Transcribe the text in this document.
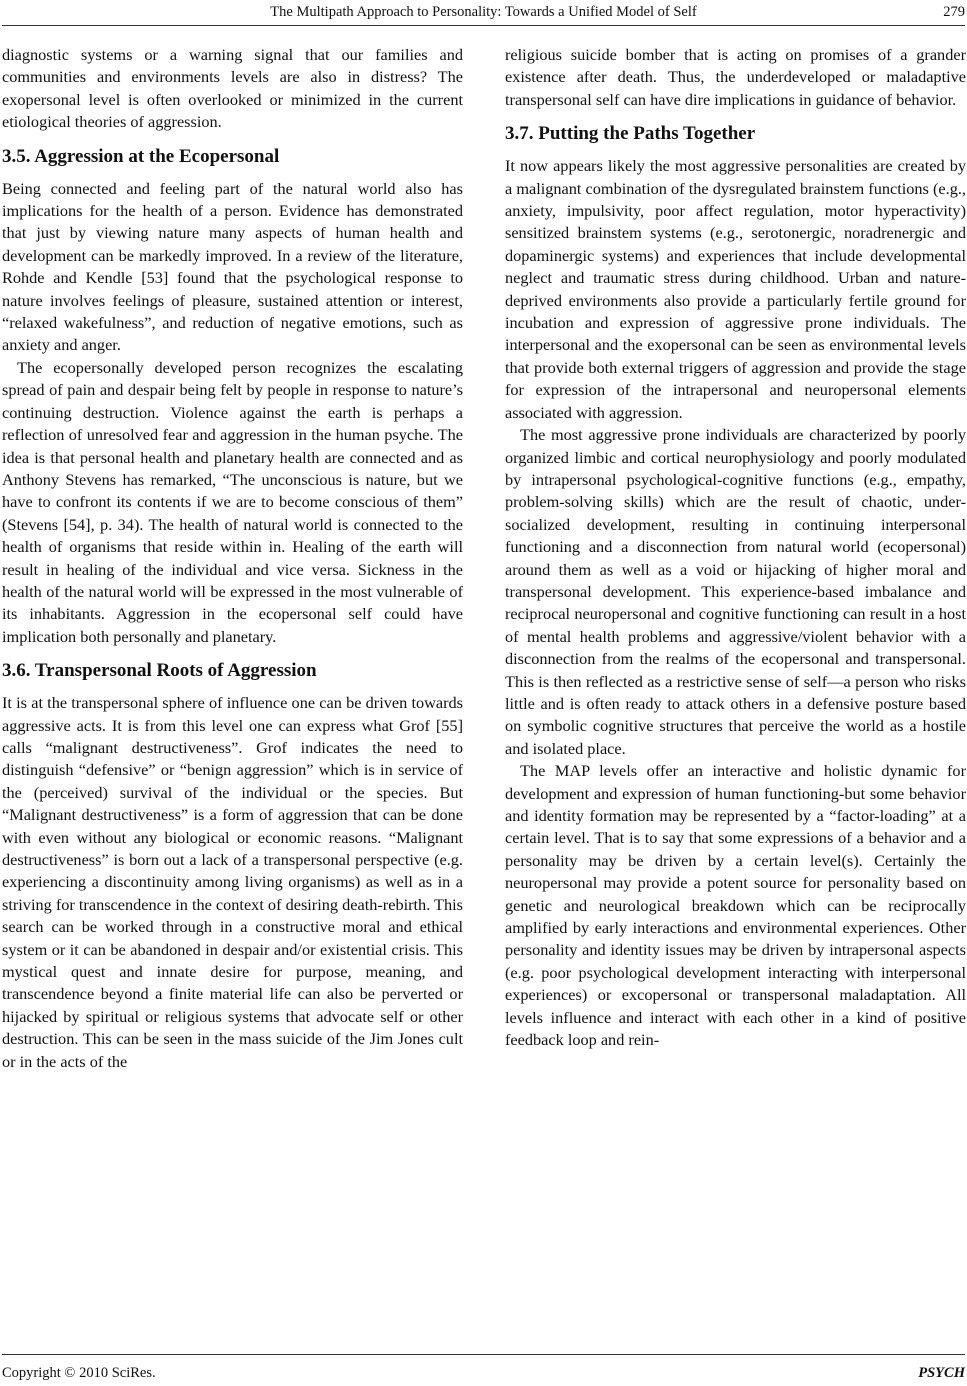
The Multipath Approach to Personality: Towards a Unified Model of Self	279

diagnostic systems or a warning signal that our families and communities and environments levels are also in distress? The exopersonal level is often overlooked or minimized in the current etiological theories of aggression.

3.5. Aggression at the Ecopersonal

Being connected and feeling part of the natural world also has implications for the health of a person. Evidence has demonstrated that just by viewing nature many aspects of human health and development can be markedly improved. In a review of the literature, Rohde and Kendle [53] found that the psychological response to nature involves feelings of pleasure, sustained attention or interest, “relaxed wakefulness”, and reduction of negative emotions, such as anxiety and anger.

The ecopersonally developed person recognizes the escalating spread of pain and despair being felt by people in response to nature’s continuing destruction. Violence against the earth is perhaps a reflection of unresolved fear and aggression in the human psyche. The idea is that personal health and planetary health are connected and as Anthony Stevens has remarked, “The unconscious is nature, but we have to confront its contents if we are to become conscious of them” (Stevens [54], p. 34). The health of natural world is connected to the health of organisms that reside within in. Healing of the earth will result in healing of the individual and vice versa. Sickness in the health of the natural world will be expressed in the most vulnerable of its inhabitants. Aggression in the ecopersonal self could have implication both personally and planetary.

3.6. Transpersonal Roots of Aggression

It is at the transpersonal sphere of influence one can be driven towards aggressive acts. It is from this level one can express what Grof [55] calls “malignant destructiveness”. Grof indicates the need to distinguish “defensive” or “benign aggression” which is in service of the (perceived) survival of the individual or the species. But “Malignant destructiveness” is a form of aggression that can be done with even without any biological or economic reasons. “Malignant destructiveness” is born out a lack of a transpersonal perspective (e.g. experiencing a discontinuity among living organisms) as well as in a striving for transcendence in the context of desiring death-rebirth. This search can be worked through in a constructive moral and ethical system or it can be abandoned in despair and/or existential crisis. This mystical quest and innate desire for purpose, meaning, and transcendence beyond a finite material life can also be perverted or hijacked by spiritual or religious systems that advocate self or other destruction. This can be seen in the mass suicide of the Jim Jones cult or in the acts of the

religious suicide bomber that is acting on promises of a grander existence after death. Thus, the underdeveloped or maladaptive transpersonal self can have dire implications in guidance of behavior.

3.7. Putting the Paths Together

It now appears likely the most aggressive personalities are created by a malignant combination of the dysregulated brainstem functions (e.g., anxiety, impulsivity, poor affect regulation, motor hyperactivity) sensitized brainstem systems (e.g., serotonergic, noradrenergic and dopaminergic systems) and experiences that include developmental neglect and traumatic stress during childhood. Urban and nature-deprived environments also provide a particularly fertile ground for incubation and expression of aggressive prone individuals. The interpersonal and the exopersonal can be seen as environmental levels that provide both external triggers of aggression and provide the stage for expression of the intrapersonal and neuropersonal elements associated with aggression.

The most aggressive prone individuals are characterized by poorly organized limbic and cortical neurophysiology and poorly modulated by intrapersonal psychological-cognitive functions (e.g., empathy, problem-solving skills) which are the result of chaotic, under-socialized development, resulting in continuing interpersonal functioning and a disconnection from natural world (ecopersonal) around them as well as a void or hijacking of higher moral and transpersonal development. This experience-based imbalance and reciprocal neuropersonal and cognitive functioning can result in a host of mental health problems and aggressive/violent behavior with a disconnection from the realms of the ecopersonal and transpersonal. This is then reflected as a restrictive sense of self—a person who risks little and is often ready to attack others in a defensive posture based on symbolic cognitive structures that perceive the world as a hostile and isolated place.

The MAP levels offer an interactive and holistic dynamic for development and expression of human functioning-but some behavior and identity formation may be represented by a “factor-loading” at a certain level. That is to say that some expressions of a behavior and a personality may be driven by a certain level(s). Certainly the neuropersonal may provide a potent source for personality based on genetic and neurological breakdown which can be reciprocally amplified by early interactions and environmental experiences. Other personality and identity issues may be driven by intrapersonal aspects (e.g. poor psychological development interacting with interpersonal experiences) or excopersonal or transpersonal maladaptation. All levels influence and interact with each other in a kind of positive feedback loop and rein-

Copyright © 2010 SciRes.	PSYCH
